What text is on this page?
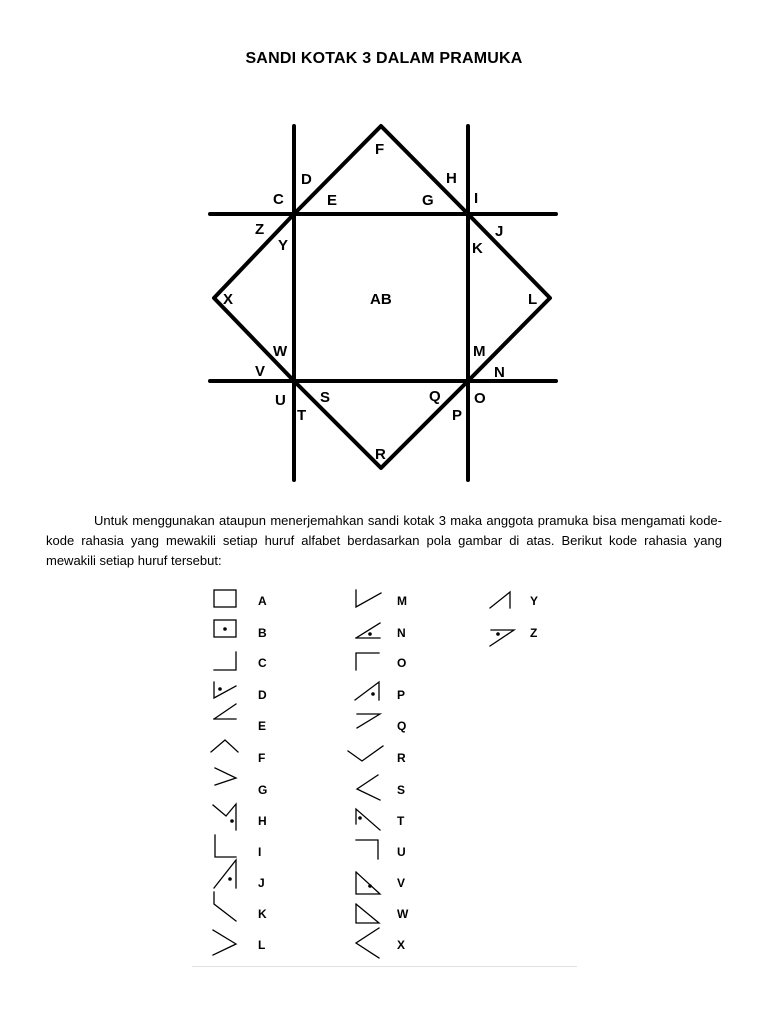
SANDI KOTAK 3 DALAM PRAMUKA
C
D
E
F
G
H
I
Z
Y
J
K
X	AB	L
W
V
M
N
U
T
S	Q
P
O
R

Untuk menggunakan ataupun menerjemahkan sandi kotak 3 maka anggota pramuka bisa mengamati kode-kode rahasia yang mewakili setiap huruf alfabet berdasarkan pola gambar di atas. Berikut kode rahasia yang mewakili setiap huruf tersebut:

A
B
C
D
E
F
G
H
I
J
K
L
M
N
O
P
Q
R
S
T
U
V
W
X
Y
Z
